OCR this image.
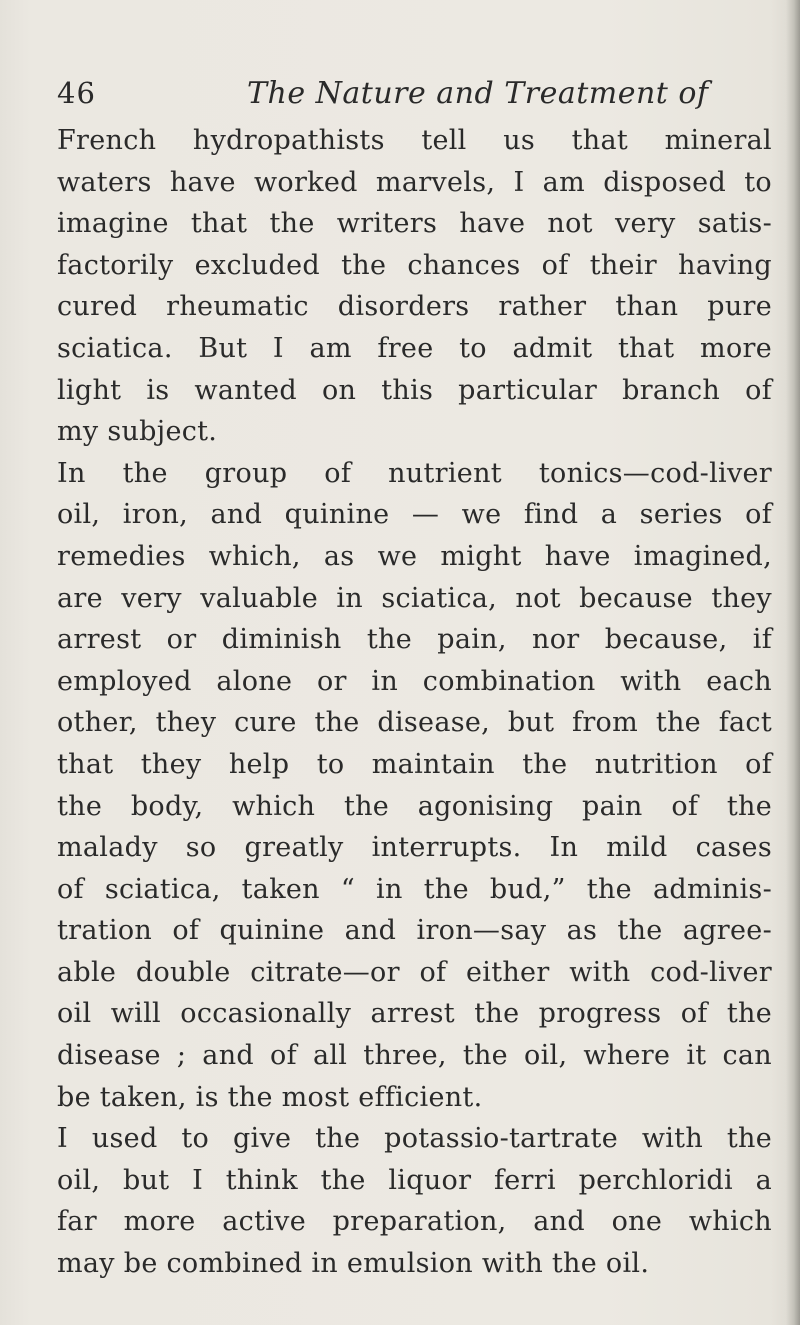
46	The Nature and Treatment of
French hydropathists tell us that mineral
waters have worked marvels, I am disposed to
imagine that the writers have not very satis-
factorily excluded the chances of their having
cured rheumatic disorders rather than pure
sciatica. But I am free to admit that more
light is wanted on this particular branch of
my subject.
In the group of nutrient tonics—cod-liver
oil, iron, and quinine — we find a series of
remedies which, as we might have imagined,
are very valuable in sciatica, not because they
arrest or diminish the pain, nor because, if
employed alone or in combination with each
other, they cure the disease, but from the fact
that they help to maintain the nutrition of
the body, which the agonising pain of the
malady so greatly interrupts. In mild cases
of sciatica, taken “ in the bud,” the adminis-
tration of quinine and iron—say as the agree-
able double citrate—or of either with cod-liver
oil will occasionally arrest the progress of the
disease ; and of all three, the oil, where it can
be taken, is the most efficient.
I used to give the potassio-tartrate with the
oil, but I think the liquor ferri perchloridi a
far more active preparation, and one which
may be combined in emulsion with the oil.
